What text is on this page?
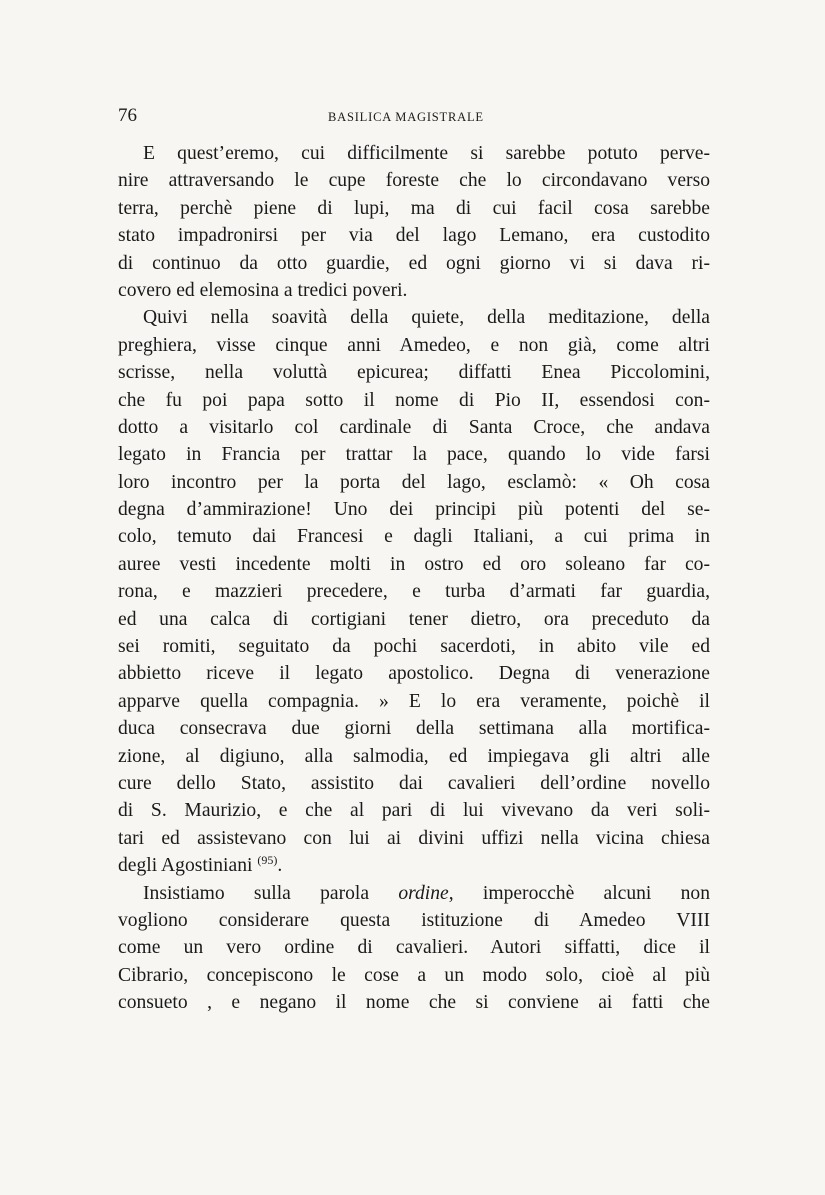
76	BASILICA MAGISTRALE
E quest’eremo, cui difficilmente si sarebbe potuto perve-
nire attraversando le cupe foreste che lo circondavano verso
terra, perchè piene di lupi, ma di cui facil cosa sarebbe
stato impadronirsi per via del lago Lemano, era custodito
di continuo da otto guardie, ed ogni giorno vi si dava ri-
covero ed elemosina a tredici poveri.
Quivi nella soavità della quiete, della meditazione, della
preghiera, visse cinque anni Amedeo, e non già, come altri
scrisse, nella voluttà epicurea; diffatti Enea Piccolomini,
che fu poi papa sotto il nome di Pio II, essendosi con-
dotto a visitarlo col cardinale di Santa Croce, che andava
legato in Francia per trattar la pace, quando lo vide farsi
loro incontro per la porta del lago, esclamò: « Oh cosa
degna d’ammirazione! Uno dei principi più potenti del se-
colo, temuto dai Francesi e dagli Italiani, a cui prima in
auree vesti incedente molti in ostro ed oro soleano far co-
rona, e mazzieri precedere, e turba d’armati far guardia,
ed una calca di cortigiani tener dietro, ora preceduto da
sei romiti, seguitato da pochi sacerdoti, in abito vile ed
abbietto riceve il legato apostolico. Degna di venerazione
apparve quella compagnia. » E lo era veramente, poichè il
duca consecrava due giorni della settimana alla mortifica-
zione, al digiuno, alla salmodia, ed impiegava gli altri alle
cure dello Stato, assistito dai cavalieri dell’ordine novello
di S. Maurizio, e che al pari di lui vivevano da veri soli-
tari ed assistevano con lui ai divini uffizi nella vicina chiesa
degli Agostiniani $^{(95)}$.
Insistiamo sulla parola ordine, imperocchè alcuni non
vogliono considerare questa istituzione di Amedeo VIII
come un vero ordine di cavalieri. Autori siffatti, dice il
Cibrario, concepiscono le cose a un modo solo, cioè al più
consueto , e negano il nome che si conviene ai fatti che
